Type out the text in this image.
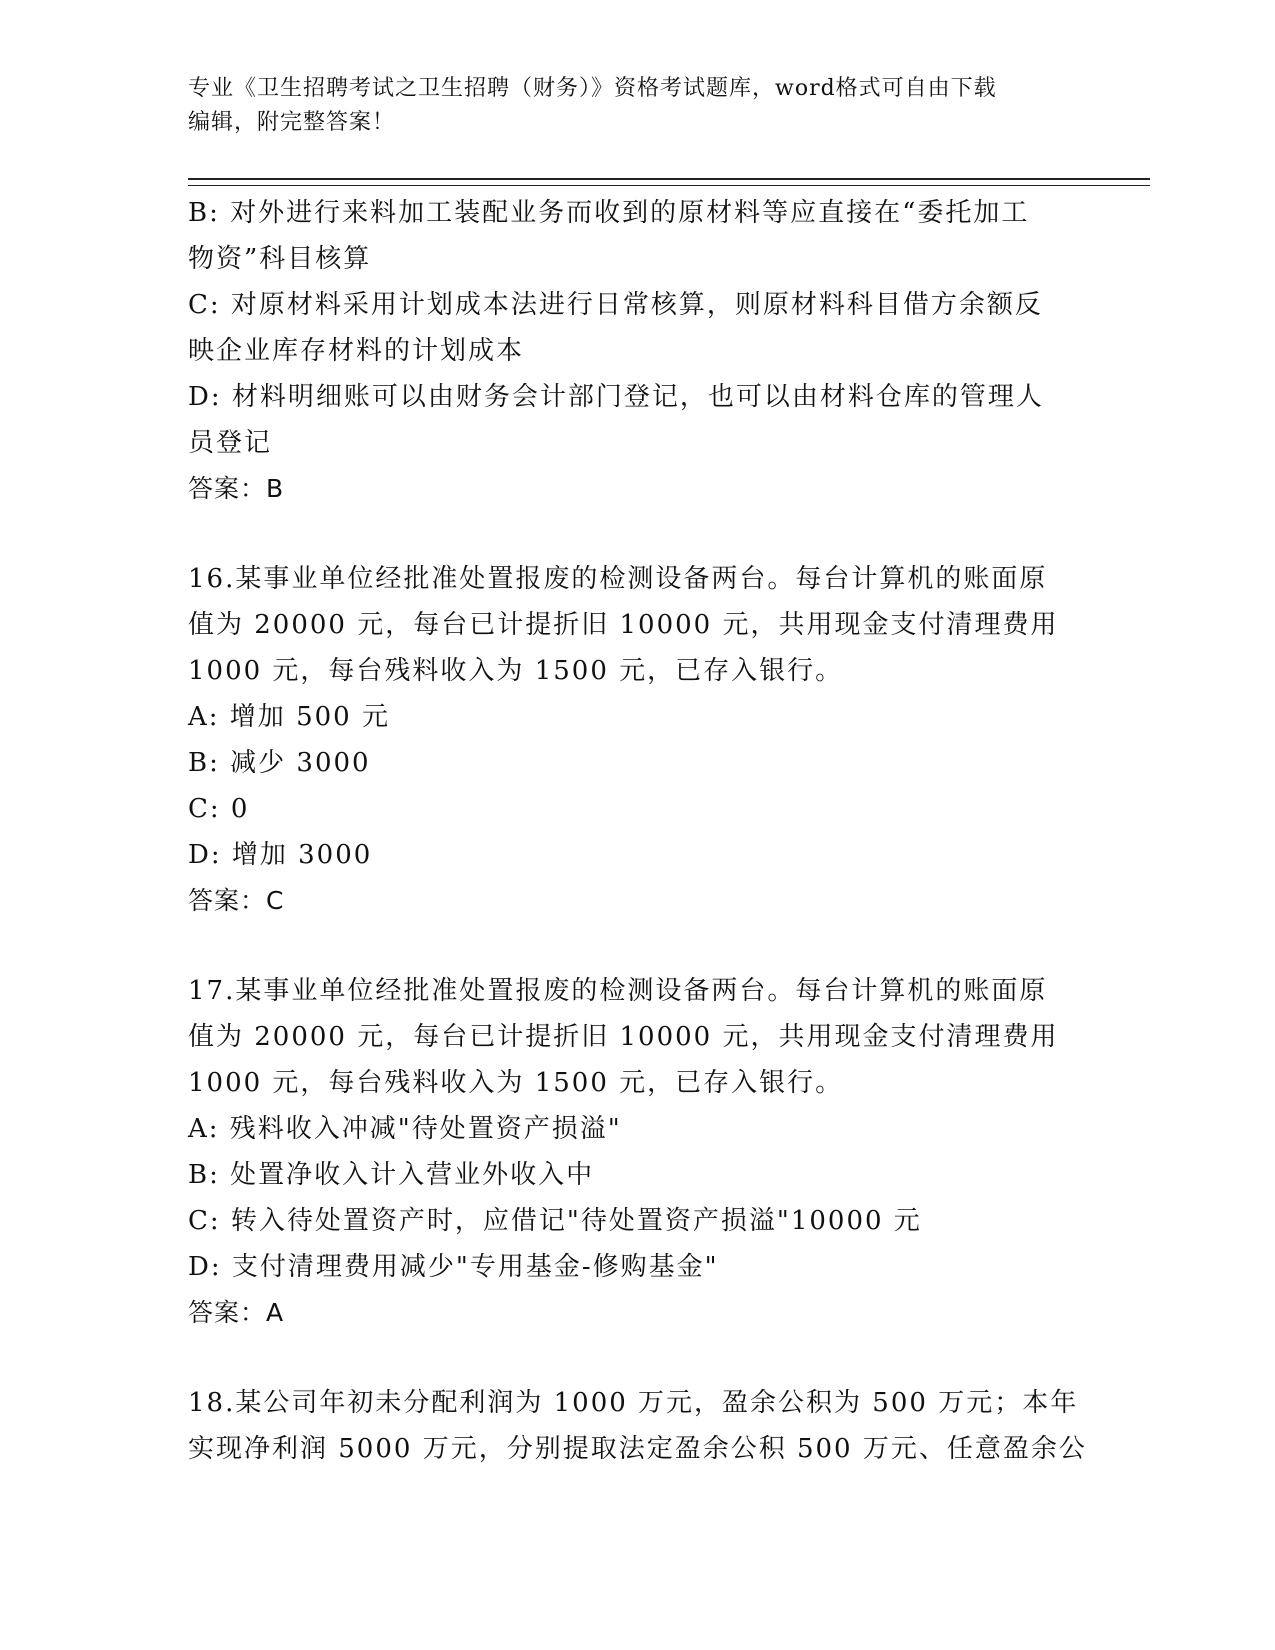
专业《卫生招聘考试之卫生招聘（财务）》资格考试题库，word格式可自由下载
编辑，附完整答案！
B: 对外进行来料加工装配业务而收到的原材料等应直接在“委托加工
物资”科目核算
C: 对原材料采用计划成本法进行日常核算，则原材料科目借方余额反
映企业库存材料的计划成本
D: 材料明细账可以由财务会计部门登记，也可以由材料仓库的管理人
员登记
答案：B
16.某事业单位经批准处置报废的检测设备两台。每台计算机的账面原
值为 20000 元，每台已计提折旧 10000 元，共用现金支付清理费用
1000 元，每台残料收入为 1500 元，已存入银行。
A: 增加 500 元
B: 减少 3000
C: 0
D: 增加 3000
答案：C
17.某事业单位经批准处置报废的检测设备两台。每台计算机的账面原
值为 20000 元，每台已计提折旧 10000 元，共用现金支付清理费用
1000 元，每台残料收入为 1500 元，已存入银行。
A: 残料收入冲减"待处置资产损溢"
B: 处置净收入计入营业外收入中
C: 转入待处置资产时，应借记"待处置资产损溢"10000 元
D: 支付清理费用减少"专用基金-修购基金"
答案：A
18.某公司年初未分配利润为 1000 万元，盈余公积为 500 万元；本年
实现净利润 5000 万元，分别提取法定盈余公积 500 万元、任意盈余公
